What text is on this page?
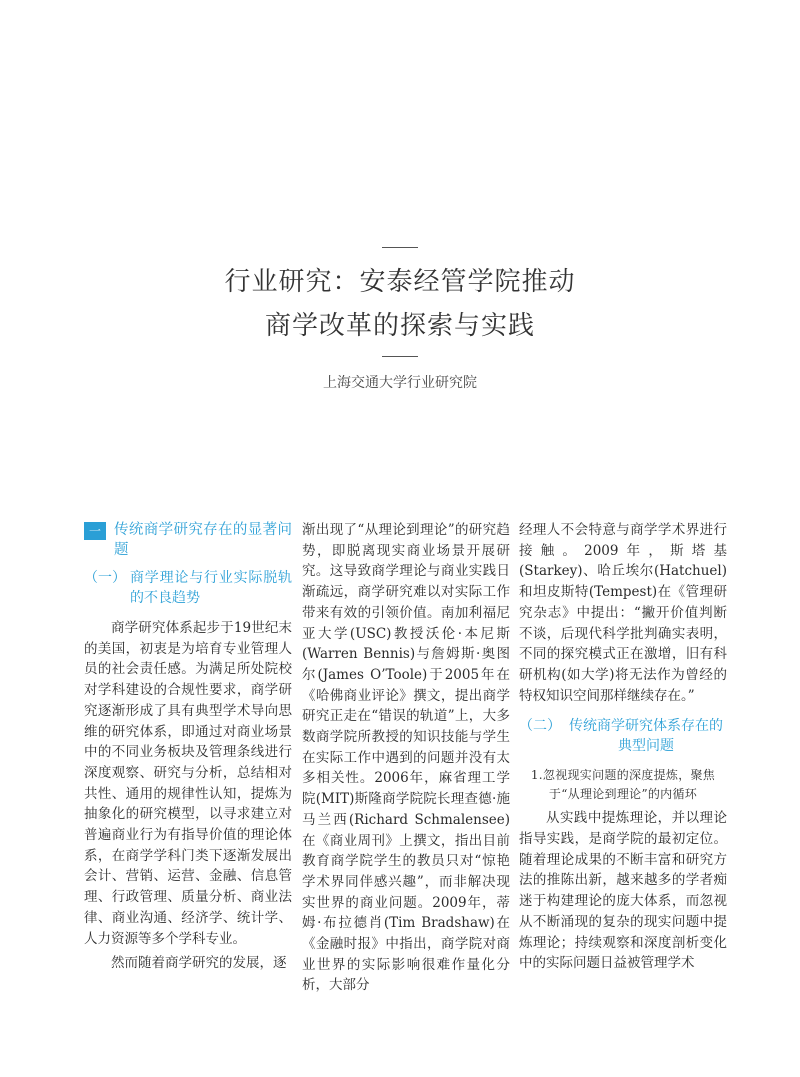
行业研究：安泰经管学院推动
商学改革的探索与实践
上海交通大学行业研究院
一 传统商学研究存在的显著问题
（一） 商学理论与行业实际脱轨的不良趋势

商学研究体系起步于19世纪末的美国，初衷是为培育专业管理人员的社会责任感。为满足所处院校对学科建设的合规性要求，商学研究逐渐形成了具有典型学术导向思维的研究体系，即通过对商业场景中的不同业务板块及管理条线进行深度观察、研究与分析，总结相对共性、通用的规律性认知，提炼为抽象化的研究模型，以寻求建立对普遍商业行为有指导价值的理论体系，在商学学科门类下逐渐发展出会计、营销、运营、金融、信息管理、行政管理、质量分析、商业法律、商业沟通、经济学、统计学、人力资源等多个学科专业。

然而随着商学研究的发展，逐

渐出现了“从理论到理论”的研究趋势，即脱离现实商业场景开展研究。这导致商学理论与商业实践日渐疏远，商学研究难以对实际工作带来有效的引领价值。南加利福尼亚大学(USC)教授沃伦·本尼斯(Warren Bennis)与詹姆斯·奥图尔(James O’Toole)于2005年在《哈佛商业评论》撰文，提出商学研究正走在“错误的轨道”上，大多数商学院所教授的知识技能与学生在实际工作中遇到的问题并没有太多相关性。2006年，麻省理工学院(MIT)斯隆商学院院长理查德·施马兰西(Richard Schmalensee)在《商业周刊》上撰文，指出目前教育商学院学生的教员只对“惊艳学术界同伴感兴趣”，而非解决现实世界的商业问题。2009年，蒂姆·布拉德肖(Tim Bradshaw)在《金融时报》中指出，商学院对商业世界的实际影响很难作量化分析，大部分

经理人不会特意与商学学术界进行接触。2009年，斯塔基(Starkey)、哈丘埃尔(Hatchuel)和坦皮斯特(Tempest)在《管理研究杂志》中提出：“撇开价值判断不谈，后现代科学批判确实表明，不同的探究模式正在激增，旧有科研机构(如大学)将无法作为曾经的特权知识空间那样继续存在。”

（二） 传统商学研究体系存在的典型问题
1.忽视现实问题的深度提炼，聚焦于“从理论到理论”的内循环

从实践中提炼理论，并以理论指导实践，是商学院的最初定位。随着理论成果的不断丰富和研究方法的推陈出新，越来越多的学者痴迷于构建理论的庞大体系，而忽视从不断涌现的复杂的现实问题中提炼理论；持续观察和深度剖析变化中的实际问题日益被管理学术
